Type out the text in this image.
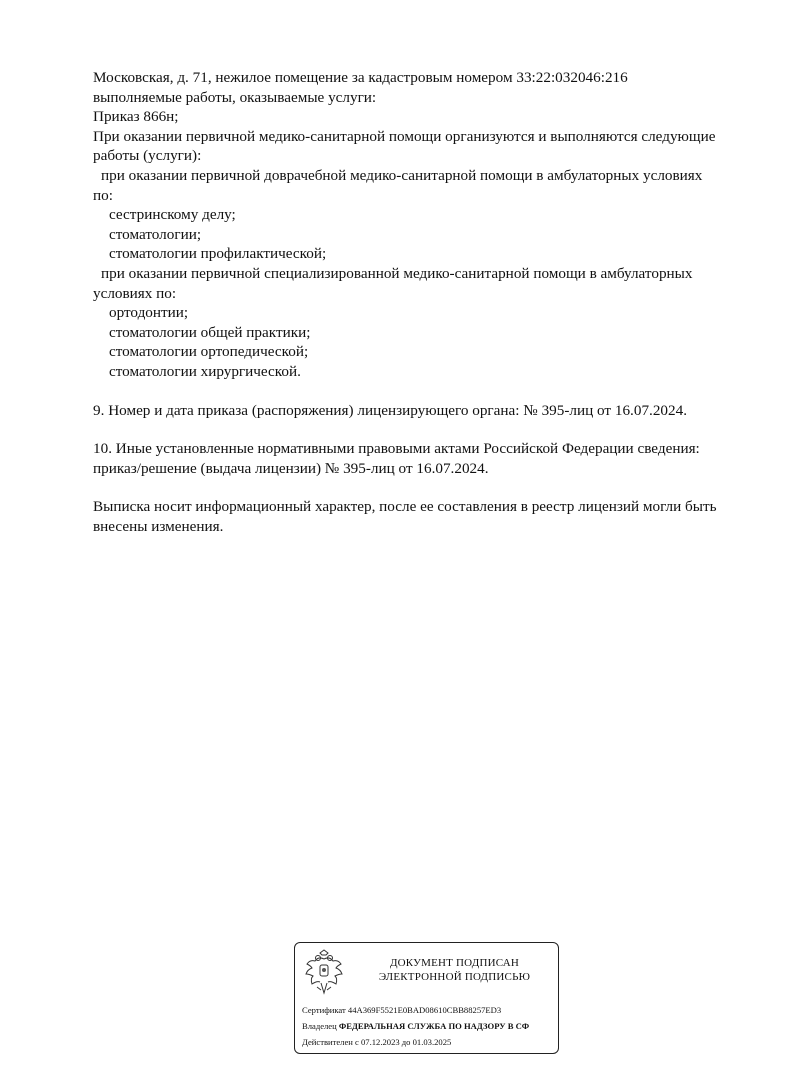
Московская, д. 71, нежилое помещение за кадастровым номером 33:22:032046:216
выполняемые работы, оказываемые услуги:
Приказ 866н;
При оказании первичной медико-санитарной помощи организуются и выполняются следующие
работы (услуги):
при оказании первичной доврачебной медико-санитарной помощи в амбулаторных условиях
по:
сестринскому делу;
стоматологии;
стоматологии профилактической;
при оказании первичной специализированной медико-санитарной помощи в амбулаторных
условиях по:
ортодонтии;
стоматологии общей практики;
стоматологии ортопедической;
стоматологии хирургической.
9. Номер и дата приказа (распоряжения) лицензирующего органа: № 395-лиц от 16.07.2024.
10. Иные установленные нормативными правовыми актами Российской Федерации сведения:
приказ/решение (выдача лицензии) № 395-лиц от 16.07.2024.
Выписка носит информационный характер, после ее составления в реестр лицензий могли быть
внесены изменения.
ДОКУМЕНТ ПОДПИСАН
ЭЛЕКТРОННОЙ ПОДПИСЬЮ
Сертификат 44A369F5521E0BAD08610CBB88257ED3
Владелец ФЕДЕРАЛЬНАЯ СЛУЖБА ПО НАДЗОРУ В СФ
Действителен с 07.12.2023 до 01.03.2025
